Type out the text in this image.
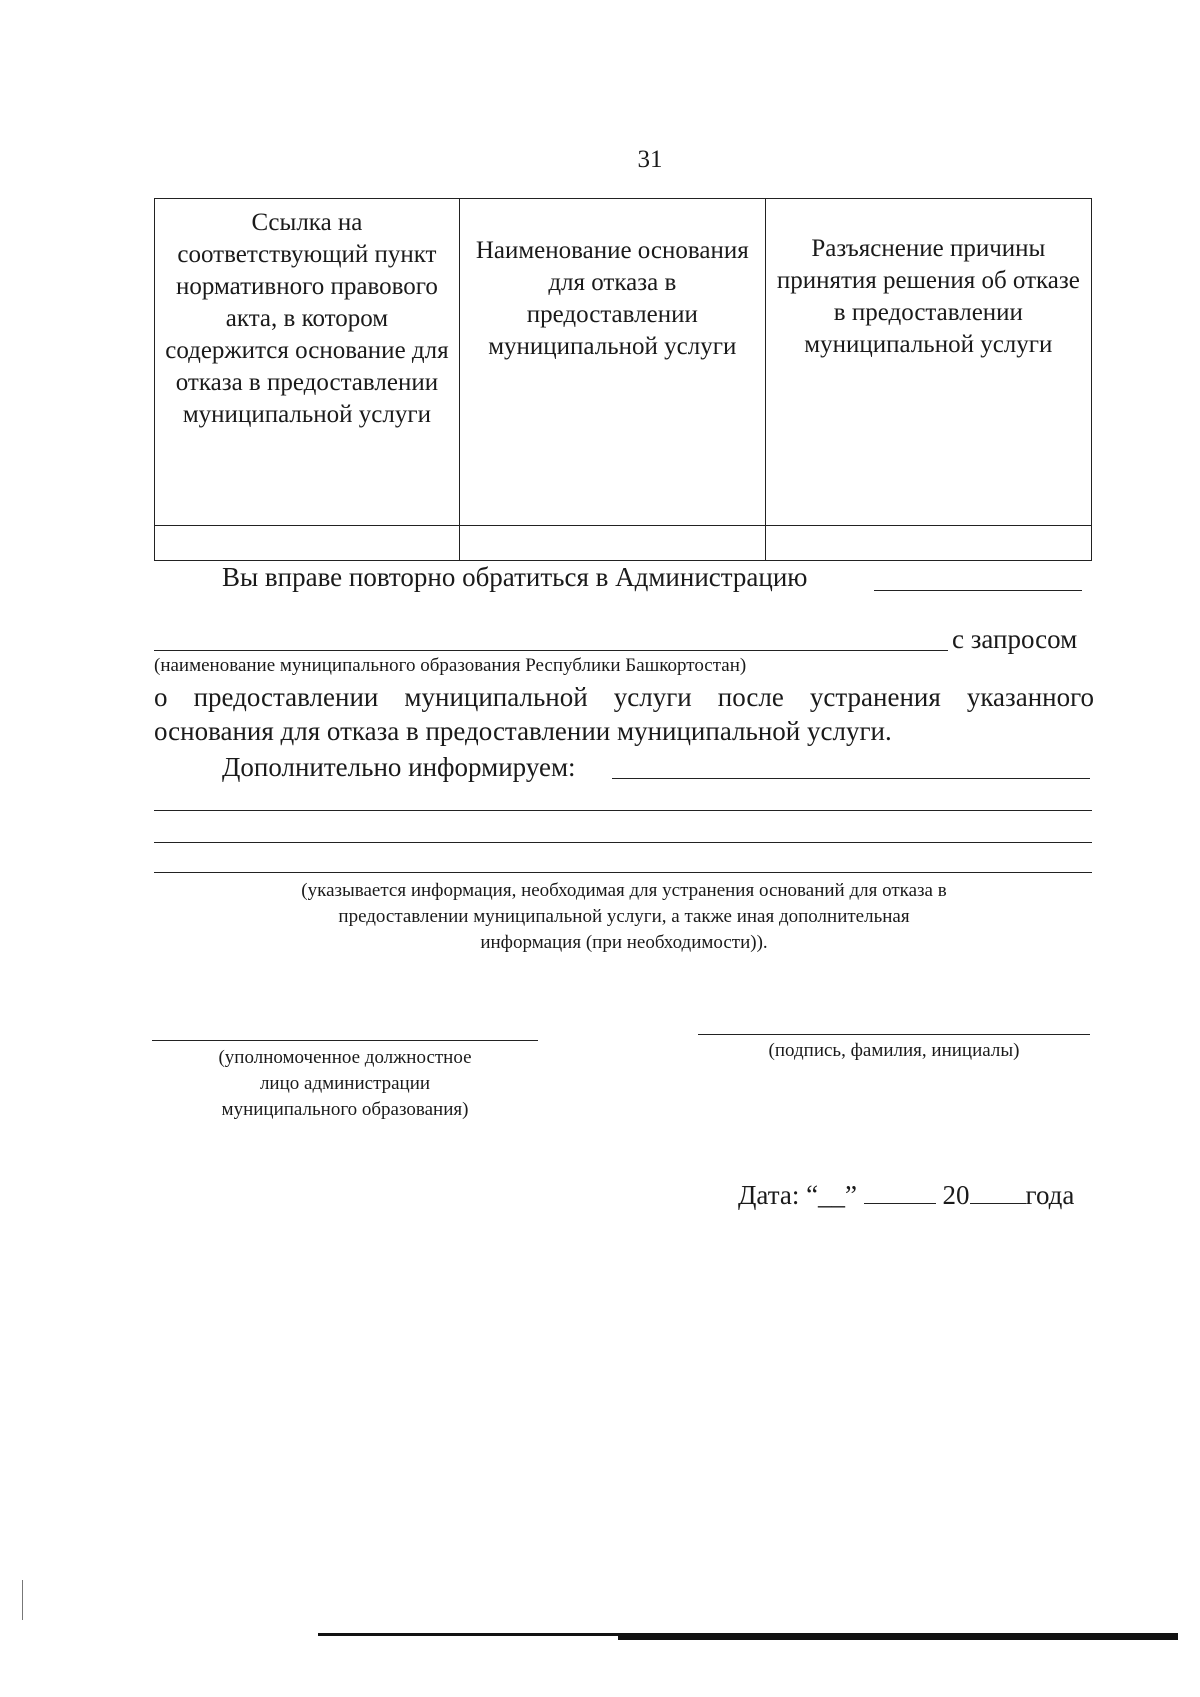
31
Ссылка на соответствующий пункт нормативного правового акта, в котором содержится основание для отказа в предоставлении муниципальной услуги	Наименование основания для отказа в предоставлении муниципальной услуги	Разъяснение причины принятия решения об отказе в предоставлении муниципальной услуги

Вы вправе повторно обратиться в Администрацию
с запросом
(наименование муниципального образования Республики Башкортостан)
о предоставлении муниципальной услуги после устранения указанного
основания для отказа в предоставлении муниципальной услуги.
Дополнительно информируем:
(указывается информация, необходимая для устранения оснований для отказа в
предоставлении муниципальной услуги, а также иная дополнительная
информация (при необходимости)).
(уполномоченное должностное
лицо администрации
муниципального образования)
(подпись, фамилия, инициалы)
Дата: “__”	20 года
